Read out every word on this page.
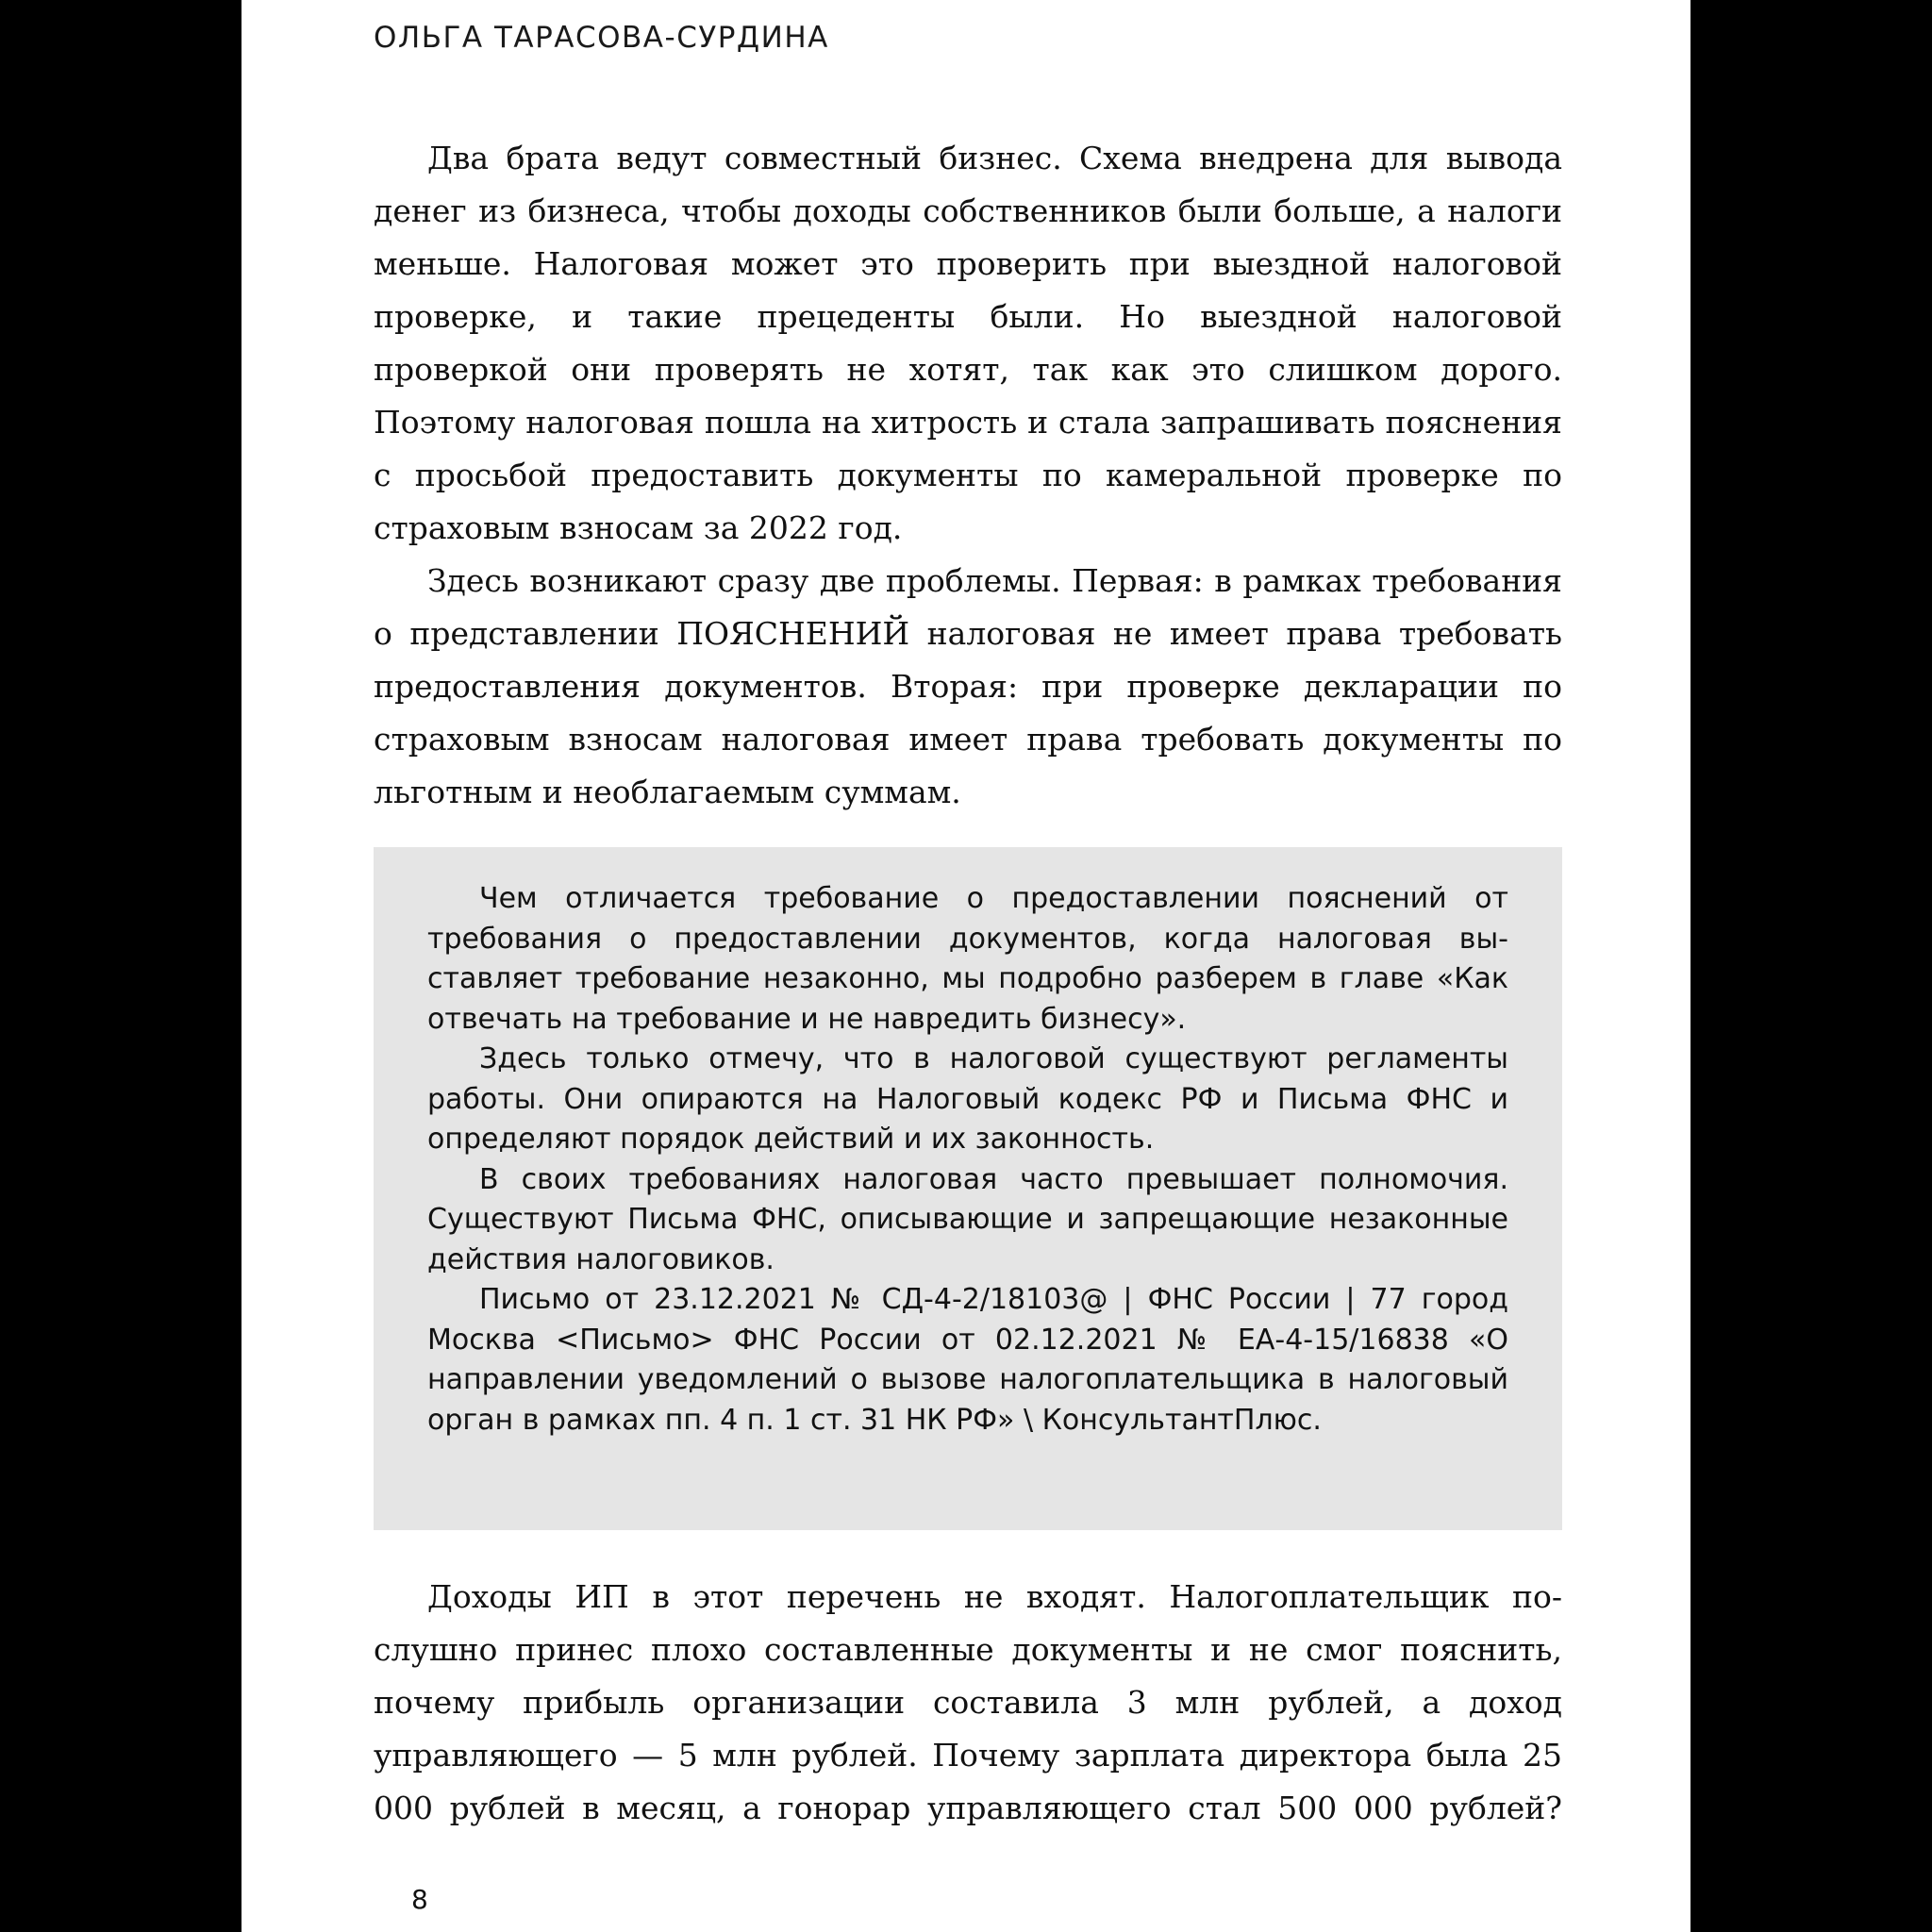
ОЛЬГА ТАРАСОВА-СУРДИНА

Два брата ведут совместный бизнес. Схема внедрена для вывода денег из бизнеса, чтобы доходы собственников были больше, а налоги меньше. Налоговая может это проверить при выездной налоговой проверке, и такие прецеденты были. Но выездной налоговой проверкой они проверять не хотят, так как это слишком дорого. Поэтому налоговая пошла на хитрость и стала запрашивать пояснения с просьбой предоставить документы по камеральной проверке по страховым взносам за 2022 год.

Здесь возникают сразу две проблемы. Первая: в рамках требования о представлении ПОЯСНЕНИЙ налоговая не имеет права требовать предоставления документов. Вторая: при проверке декларации по страховым взносам налоговая имеет права требовать документы по льготным и необлагаемым суммам.

Чем отличается требование о предоставлении пояснений от требования о предоставлении документов, когда налоговая выставляет требование незаконно, мы подробно разберем в главе «Как отвечать на требование и не навредить бизнесу».

Здесь только отмечу, что в налоговой существуют регламенты работы. Они опираются на Налоговый кодекс РФ и Письма ФНС и определяют порядок действий и их законность.

В своих требованиях налоговая часто превышает полномочия. Существуют Письма ФНС, описывающие и запрещающие незаконные действия налоговиков.

Письмо от 23.12.2021 № СД-4-2/18103@ | ФНС России | 77 город Москва <Письмо> ФНС России от 02.12.2021 № ЕА-4-15/16838 «О направлении уведомлений о вызове налогоплательщика в налоговый орган в рамках пп. 4 п. 1 ст. 31 НК РФ» \ КонсультантПлюс.

Доходы ИП в этот перечень не входят. Налогоплательщик послушно принес плохо составленные документы и не смог пояснить, почему прибыль организации составила 3 млн рублей, а доход управляющего — 5 млн рублей. Почему зарплата директора была 25 000 рублей в месяц, а гонорар управляющего стал 500 000 рублей?

8
